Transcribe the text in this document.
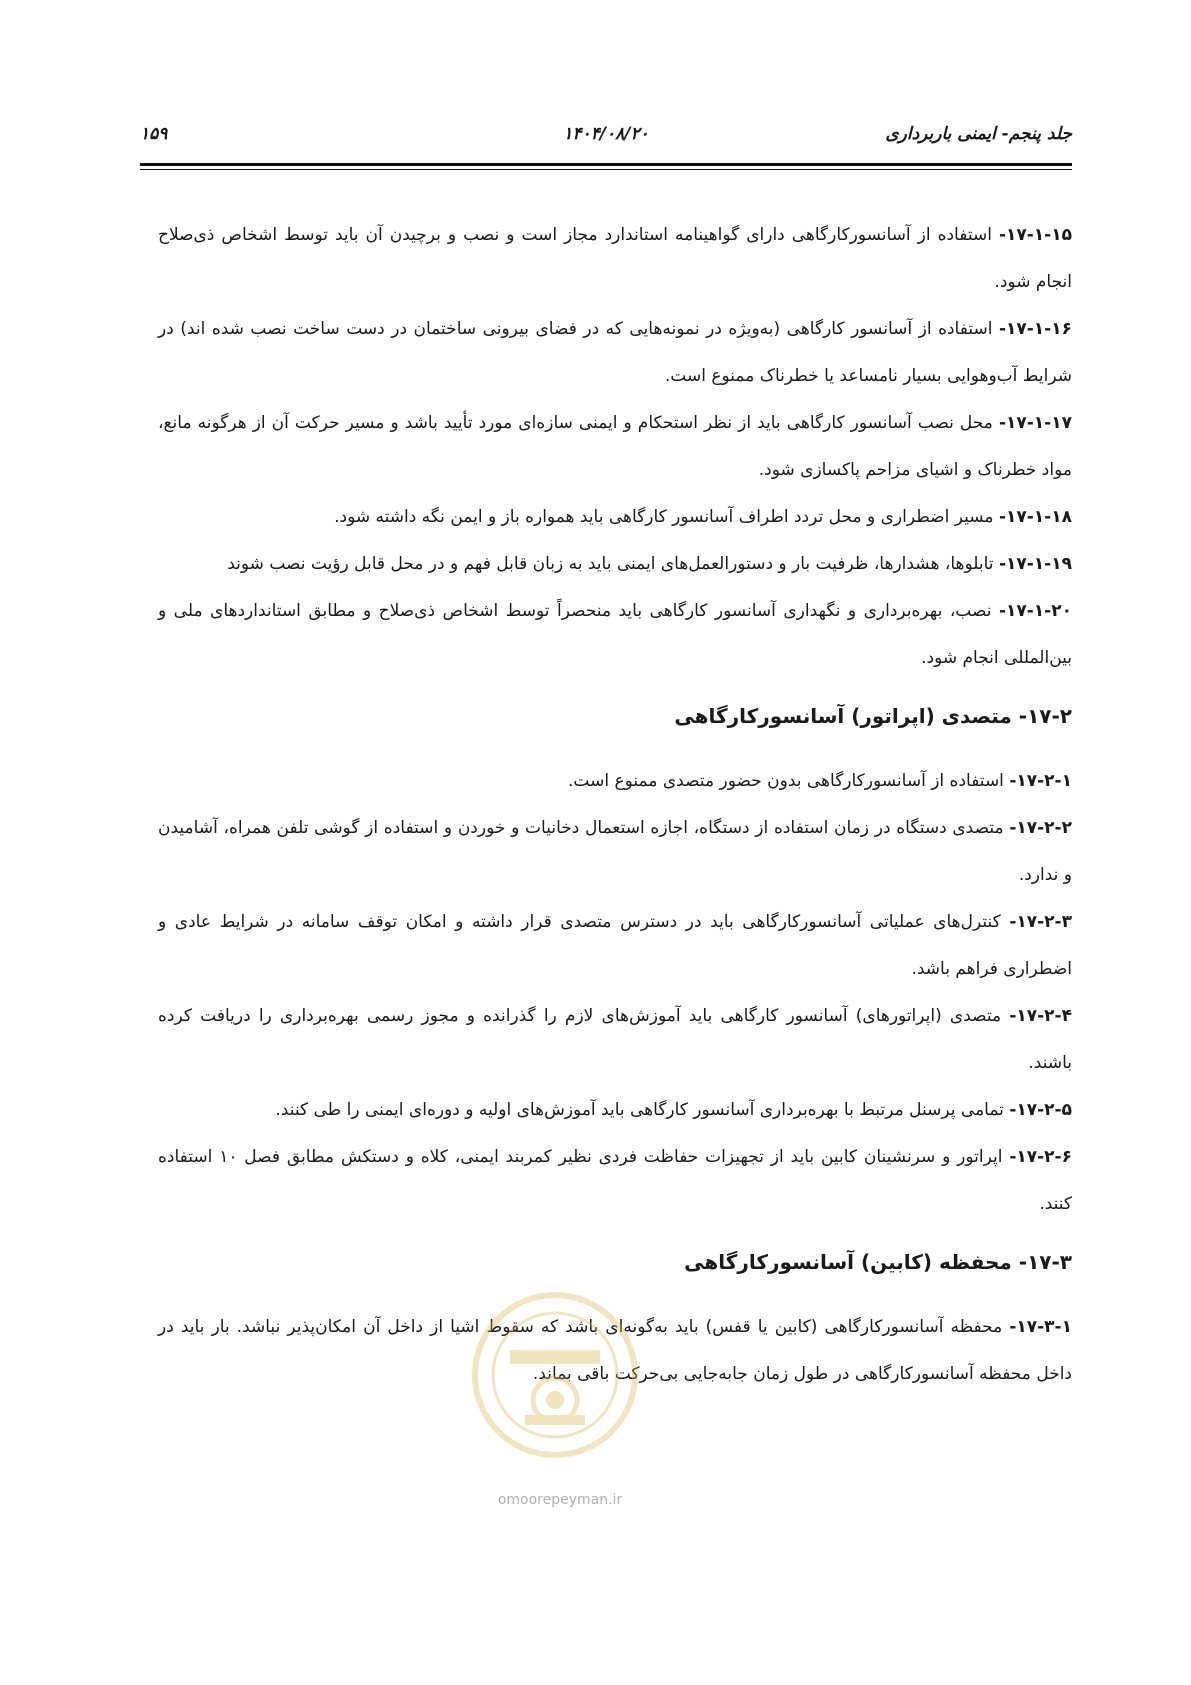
۱۵۹	۱۴۰۴/۰۸/۲۰	جلد پنجم- ایمنی باربرداری

۱۷-۱-۱۵- استفاده از آسانسورکارگاهی دارای گواهینامه استاندارد مجاز است و نصب و برچیدن آن باید توسط اشخاص ذی‌صلاح انجام شود.

۱۷-۱-۱۶- استفاده از آسانسور کارگاهی (به‌ویژه در نمونه‌هایی که در فضای بیرونی ساختمان در دست ساخت نصب شده اند) در شرایط آب‌وهوایی بسیار نامساعد یا خطرناک ممنوع است.

۱۷-۱-۱۷- محل نصب آسانسور کارگاهی باید از نظر استحکام و ایمنی سازه‌ای مورد تأیید باشد و مسیر حرکت آن از هرگونه مانع، مواد خطرناک و اشیای مزاحم پاکسازی شود.

۱۷-۱-۱۸- مسیر اضطراری و محل تردد اطراف آسانسور کارگاهی باید همواره باز و ایمن نگه داشته شود.

۱۷-۱-۱۹- تابلوها، هشدارها، ظرفیت بار و دستورالعمل‌های ایمنی باید به زبان قابل فهم و در محل قابل رؤیت نصب شوند

۱۷-۱-۲۰- نصب، بهره‌برداری و نگهداری آسانسور کارگاهی باید منحصراً توسط اشخاص ذی‌صلاح و مطابق استانداردهای ملی و بین‌المللی انجام شود.

۱۷-۲- متصدی (اپراتور) آسانسورکارگاهی

۱۷-۲-۱- استفاده از آسانسورکارگاهی بدون حضور متصدی ممنوع است.

۱۷-۲-۲- متصدی دستگاه در زمان استفاده از دستگاه، اجازه استعمال دخانیات و خوردن و استفاده از گوشی تلفن همراه، آشامیدن و ندارد.

۱۷-۲-۳- کنترل‌های عملیاتی آسانسورکارگاهی باید در دسترس متصدی قرار داشته و امکان توقف سامانه در شرایط عادی و اضطراری فراهم باشد.

۱۷-۲-۴- متصدی (اپراتورهای) آسانسور کارگاهی باید آموزش‌های لازم را گذرانده و مجوز رسمی بهره‌برداری را دریافت کرده باشند.

۱۷-۲-۵- تمامی پرسنل مرتبط با بهره‌برداری آسانسور کارگاهی باید آموزش‌های اولیه و دوره‌ای ایمنی را طی کنند.

۱۷-۲-۶- اپراتور و سرنشینان کابین باید از تجهیزات حفاظت فردی نظیر کمربند ایمنی، کلاه و دستکش مطابق فصل ۱۰ استفاده کنند.

۱۷-۳- محفظه (کابین) آسانسورکارگاهی

۱۷-۳-۱- محفظه آسانسورکارگاهی (کابین یا قفس) باید به‌گونه‌ای باشد که سقوط اشیا از داخل آن امکان‌پذیر نباشد. بار باید در داخل محفظه آسانسورکارگاهی در طول زمان جابه‌جایی بی‌حرکت باقی بماند.

omoorepeyman.ir
